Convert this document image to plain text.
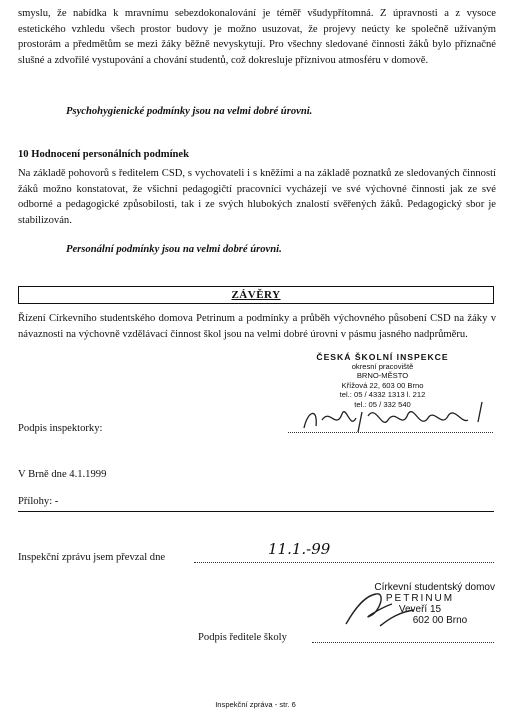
smyslu, že nabídka k mravnímu sebezdokonalování je téměř všudypřítomná. Z úpravnosti a z vysoce estetického vzhledu všech prostor budovy je možno usuzovat, že projevy neúcty ke společně užívaným prostorám a předmětům se mezi žáky běžně nevyskytují. Pro všechny sledované činnosti žáků bylo příznačné slušné a zdvořilé vystupování a chování studentů, což dokresluje příznivou atmosféru v domově.
Psychohygienické podmínky jsou na velmi dobré úrovni.
10 Hodnocení personálních podmínek
Na základě pohovorů s ředitelem CSD, s vychovateli i s kněžími a na základě poznatků ze sledovaných činností žáků možno konstatovat, že všichni pedagogičtí pracovníci vycházejí ve své výchovné činnosti jak ze své odborné a pedagogické způsobilosti, tak i ze svých hlubokých znalostí svěřených žáků. Pedagogický sbor je stabilizován.
Personální podmínky jsou na velmi dobré úrovni.
ZÁVĚRY
Řízení Církevního studentského domova Petrinum a podmínky a průběh výchovného působení CSD na žáky v návaznosti na výchovně vzdělávací činnost škol jsou na velmi dobré úrovni v pásmu jasného nadprůměru.
ČESKÁ ŠKOLNÍ INSPEKCE
okresní pracoviště
BRNO-MĚSTO
Křížová 22, 603 00 Brno
tel.: 05 / 4332 1313 l. 212
tel.: 05 / 332 540
Podpis inspektorky:
V Brně dne 4.1.1999
Přílohy: -
Inspekční zprávu jsem převzal dne	11.1.-99
Církevní studentský domov
PETRINUM
Veveří 15
602 00 Brno
Podpis ředitele školy
Inspekční zpráva - str. 6
